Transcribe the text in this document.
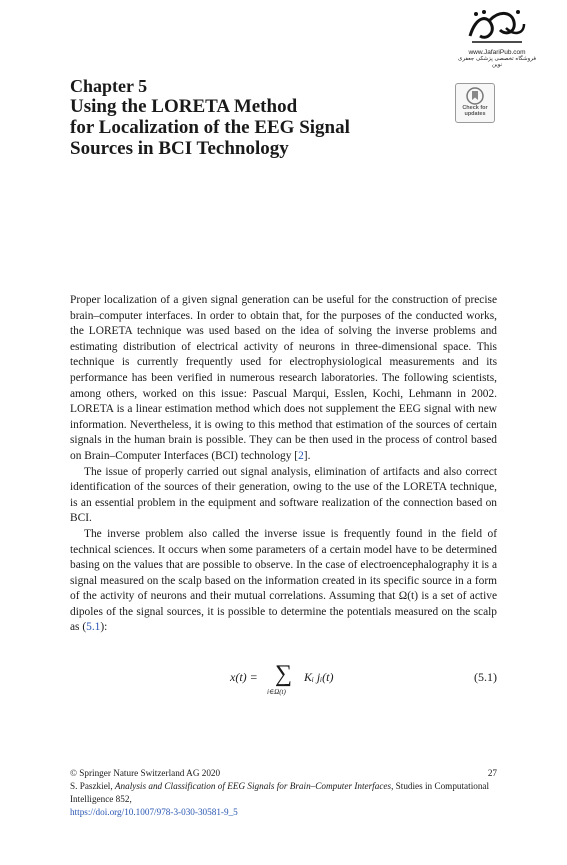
www.JafariPub.com
فروشگاه تخصصی پزشکی جعفری نوین
Check for
updates
Chapter 5
Using the LORETA Method
for Localization of the EEG Signal
Sources in BCI Technology

Proper localization of a given signal generation can be useful for the construction of precise brain–computer interfaces. In order to obtain that, for the purposes of the conducted works, the LORETA technique was used based on the idea of solving the inverse problems and estimating distribution of electrical activity of neurons in three-dimensional space. This technique is currently frequently used for electrophysiological measurements and its performance has been verified in numerous research laboratories. The following scientists, among others, worked on this issue: Pascual Marqui, Esslen, Kochi, Lehmann in 2002. LORETA is a linear estimation method which does not supplement the EEG signal with new information. Nevertheless, it is owing to this method that estimation of the sources of certain signals in the human brain is possible. They can be then used in the process of control based on Brain–Computer Interfaces (BCI) technology [2].

The issue of properly carried out signal analysis, elimination of artifacts and also correct identification of the sources of their generation, owing to the use of the LORETA technique, is an essential problem in the equipment and software realization of the connection based on BCI.

The inverse problem also called the inverse issue is frequently found in the field of technical sciences. It occurs when some parameters of a certain model have to be determined basing on the values that are possible to observe. In the case of electroencephalography it is a signal measured on the scalp based on the information created in its specific source in a form of the activity of neurons and their mutual correlations. Assuming that Ω(t) is a set of active dipoles of the signal sources, it is possible to determine the potentials measured on the scalp as (5.1):

x(t) = ∑
i∈Ω(t)
Kᵢ jᵢ(t)	(5.1)
© Springer Nature Switzerland AG 2020	27
S. Paszkiel, Analysis and Classification of EEG Signals for Brain–Computer Interfaces, Studies in Computational Intelligence 852,
https://doi.org/10.1007/978-3-030-30581-9_5
